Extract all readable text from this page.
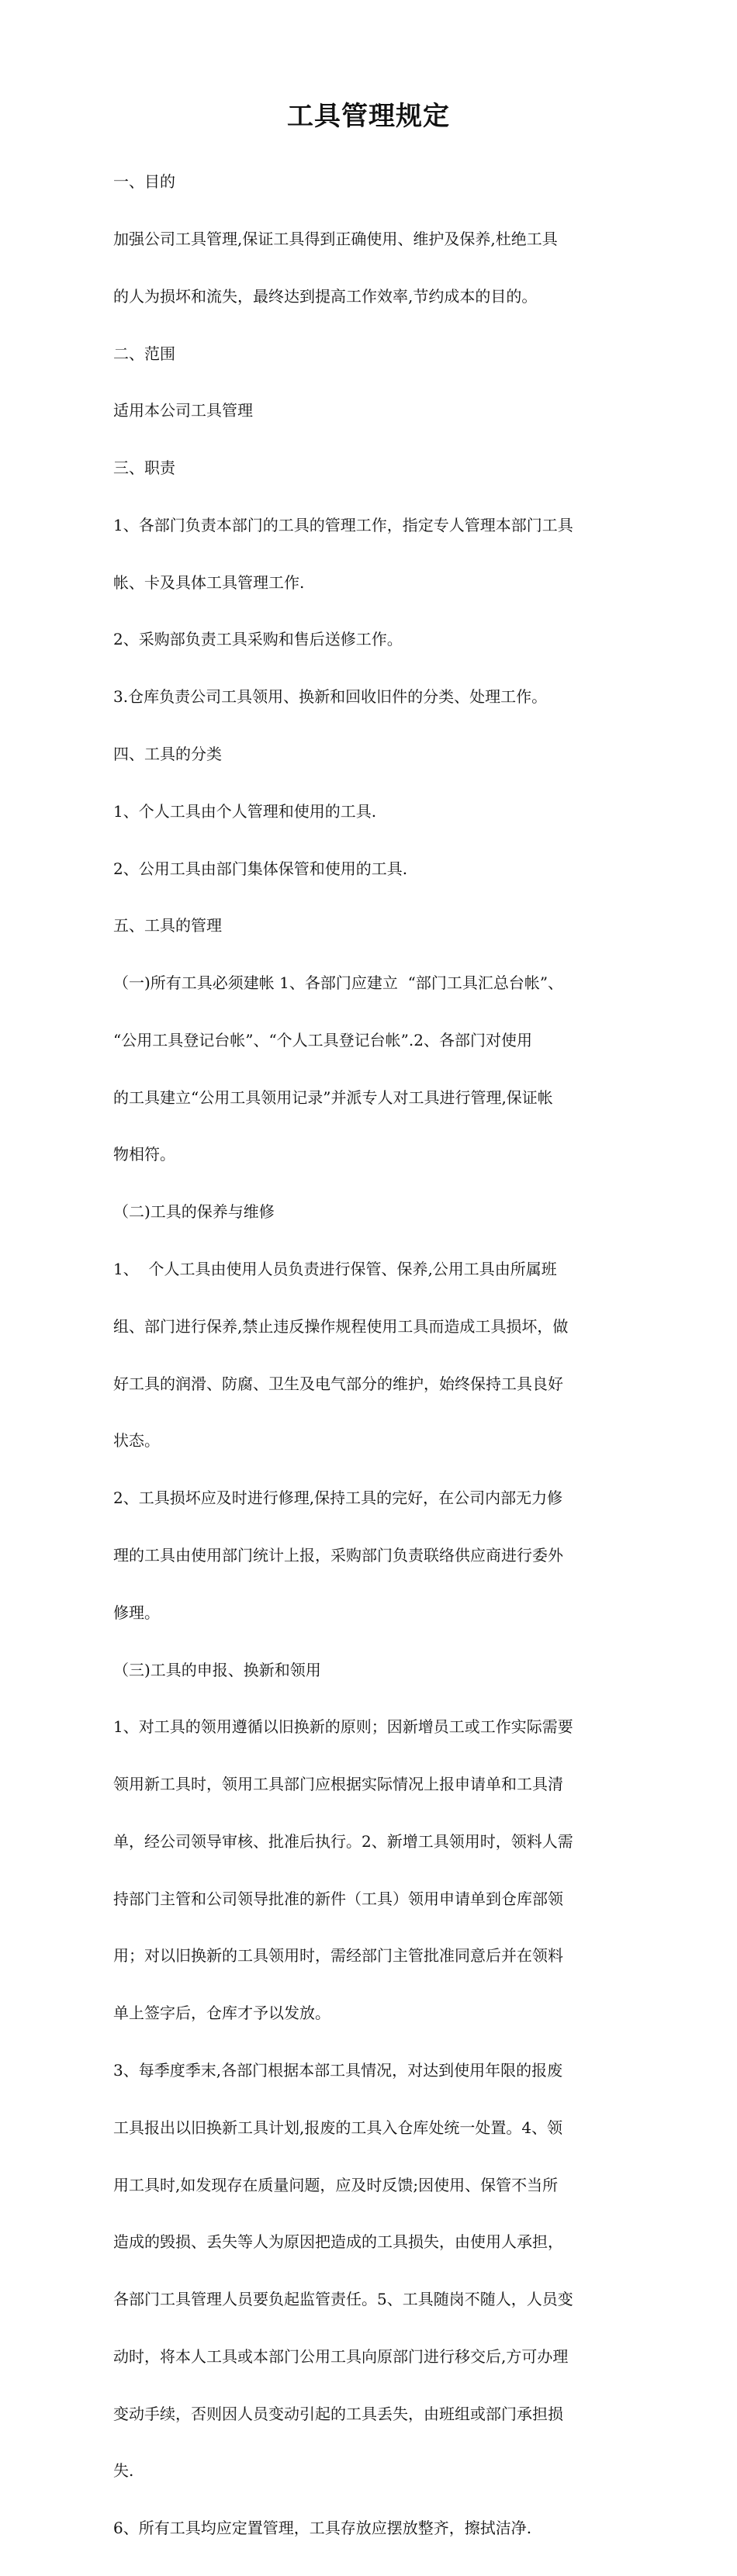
工具管理规定

一、目的

加强公司工具管理,保证工具得到正确使用、维护及保养,杜绝工具

的人为损坏和流失，最终达到提高工作效率,节约成本的目的。

二、范围

适用本公司工具管理

三、职责

1、各部门负责本部门的工具的管理工作，指定专人管理本部门工具

帐、卡及具体工具管理工作.

2、采购部负责工具采购和售后送修工作。

3.仓库负责公司工具领用、换新和回收旧件的分类、处理工作。

四、工具的分类

1、个人工具由个人管理和使用的工具.

2、公用工具由部门集体保管和使用的工具.

五、工具的管理

（一)所有工具必须建帐 1、各部门应建立  “部门工具汇总台帐”、

“公用工具登记台帐”、“个人工具登记台帐”.2、各部门对使用

的工具建立“公用工具领用记录”并派专人对工具进行管理,保证帐

物相符。

（二)工具的保养与维修

1、  个人工具由使用人员负责进行保管、保养,公用工具由所属班

组、部门进行保养,禁止违反操作规程使用工具而造成工具损坏，做

好工具的润滑、防腐、卫生及电气部分的维护，始终保持工具良好

状态。

2、工具损坏应及时进行修理,保持工具的完好，在公司内部无力修

理的工具由使用部门统计上报，采购部门负责联络供应商进行委外

修理。

（三)工具的申报、换新和领用

1、对工具的领用遵循以旧换新的原则；因新增员工或工作实际需要

领用新工具时，领用工具部门应根据实际情况上报申请单和工具清

单，经公司领导审核、批准后执行。2、新增工具领用时，领料人需

持部门主管和公司领导批准的新件（工具）领用申请单到仓库部领

用；对以旧换新的工具领用时，需经部门主管批准同意后并在领料

单上签字后，仓库才予以发放。

3、每季度季末,各部门根据本部工具情况，对达到使用年限的报废

工具报出以旧换新工具计划,报废的工具入仓库处统一处置。4、领

用工具时,如发现存在质量问题，应及时反馈;因使用、保管不当所

造成的毁损、丢失等人为原因把造成的工具损失，由使用人承担，

各部门工具管理人员要负起监管责任。5、工具随岗不随人，人员变

动时，将本人工具或本部门公用工具向原部门进行移交后,方可办理

变动手续，否则因人员变动引起的工具丢失，由班组或部门承担损

失.

6、所有工具均应定置管理，工具存放应摆放整齐，擦拭洁净.
